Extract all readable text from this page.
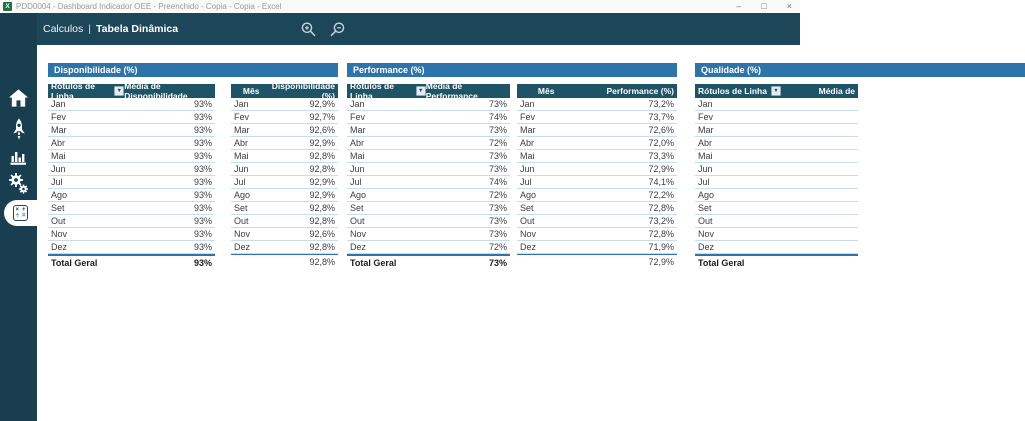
X PDD0004 - Dashboard Indicador OEE - Preenchido - Copia - Copia - Excel	– □ ×
Calculos | Tabela Dinâmica
× +
÷ =
Disponibilidade (%)
Rótulos de Linha	▼ Média de Disponibilidade
Jan	93%
Fev	93%
Mar	93%
Abr	93%
Mai	93%
Jun	93%
Jul	93%
Ago	93%
Set	93%
Out	93%
Nov	93%
Dez	93%
Total Geral	93%
Mês	Disponibilidade (%)
Jan	92,9%
Fev	92,7%
Mar	92,6%
Abr	92,9%
Mai	92,8%
Jun	92,8%
Jul	92,9%
Ago	92,9%
Set	92,8%
Out	92,8%
Nov	92,6%
Dez	92,8%
92,8%
Performance (%)
Rótulos de Linha	▼ Média de Performance
Jan	73%
Fev	74%
Mar	73%
Abr	72%
Mai	73%
Jun	73%
Jul	74%
Ago	72%
Set	73%
Out	73%
Nov	73%
Dez	72%
Total Geral	73%
Mês	Performance (%)
Jan	73,2%
Fev	73,7%
Mar	72,6%
Abr	72,0%
Mai	73,3%
Jun	72,9%
Jul	74,1%
Ago	72,2%
Set	72,8%
Out	73,2%
Nov	72,8%
Dez	71,9%
72,9%
Qualidade (%)
Rótulos de Linha	▼	Média de
Jan
Fev
Mar
Abr
Mai
Jun
Jul
Ago
Set
Out
Nov
Dez
Total Geral
